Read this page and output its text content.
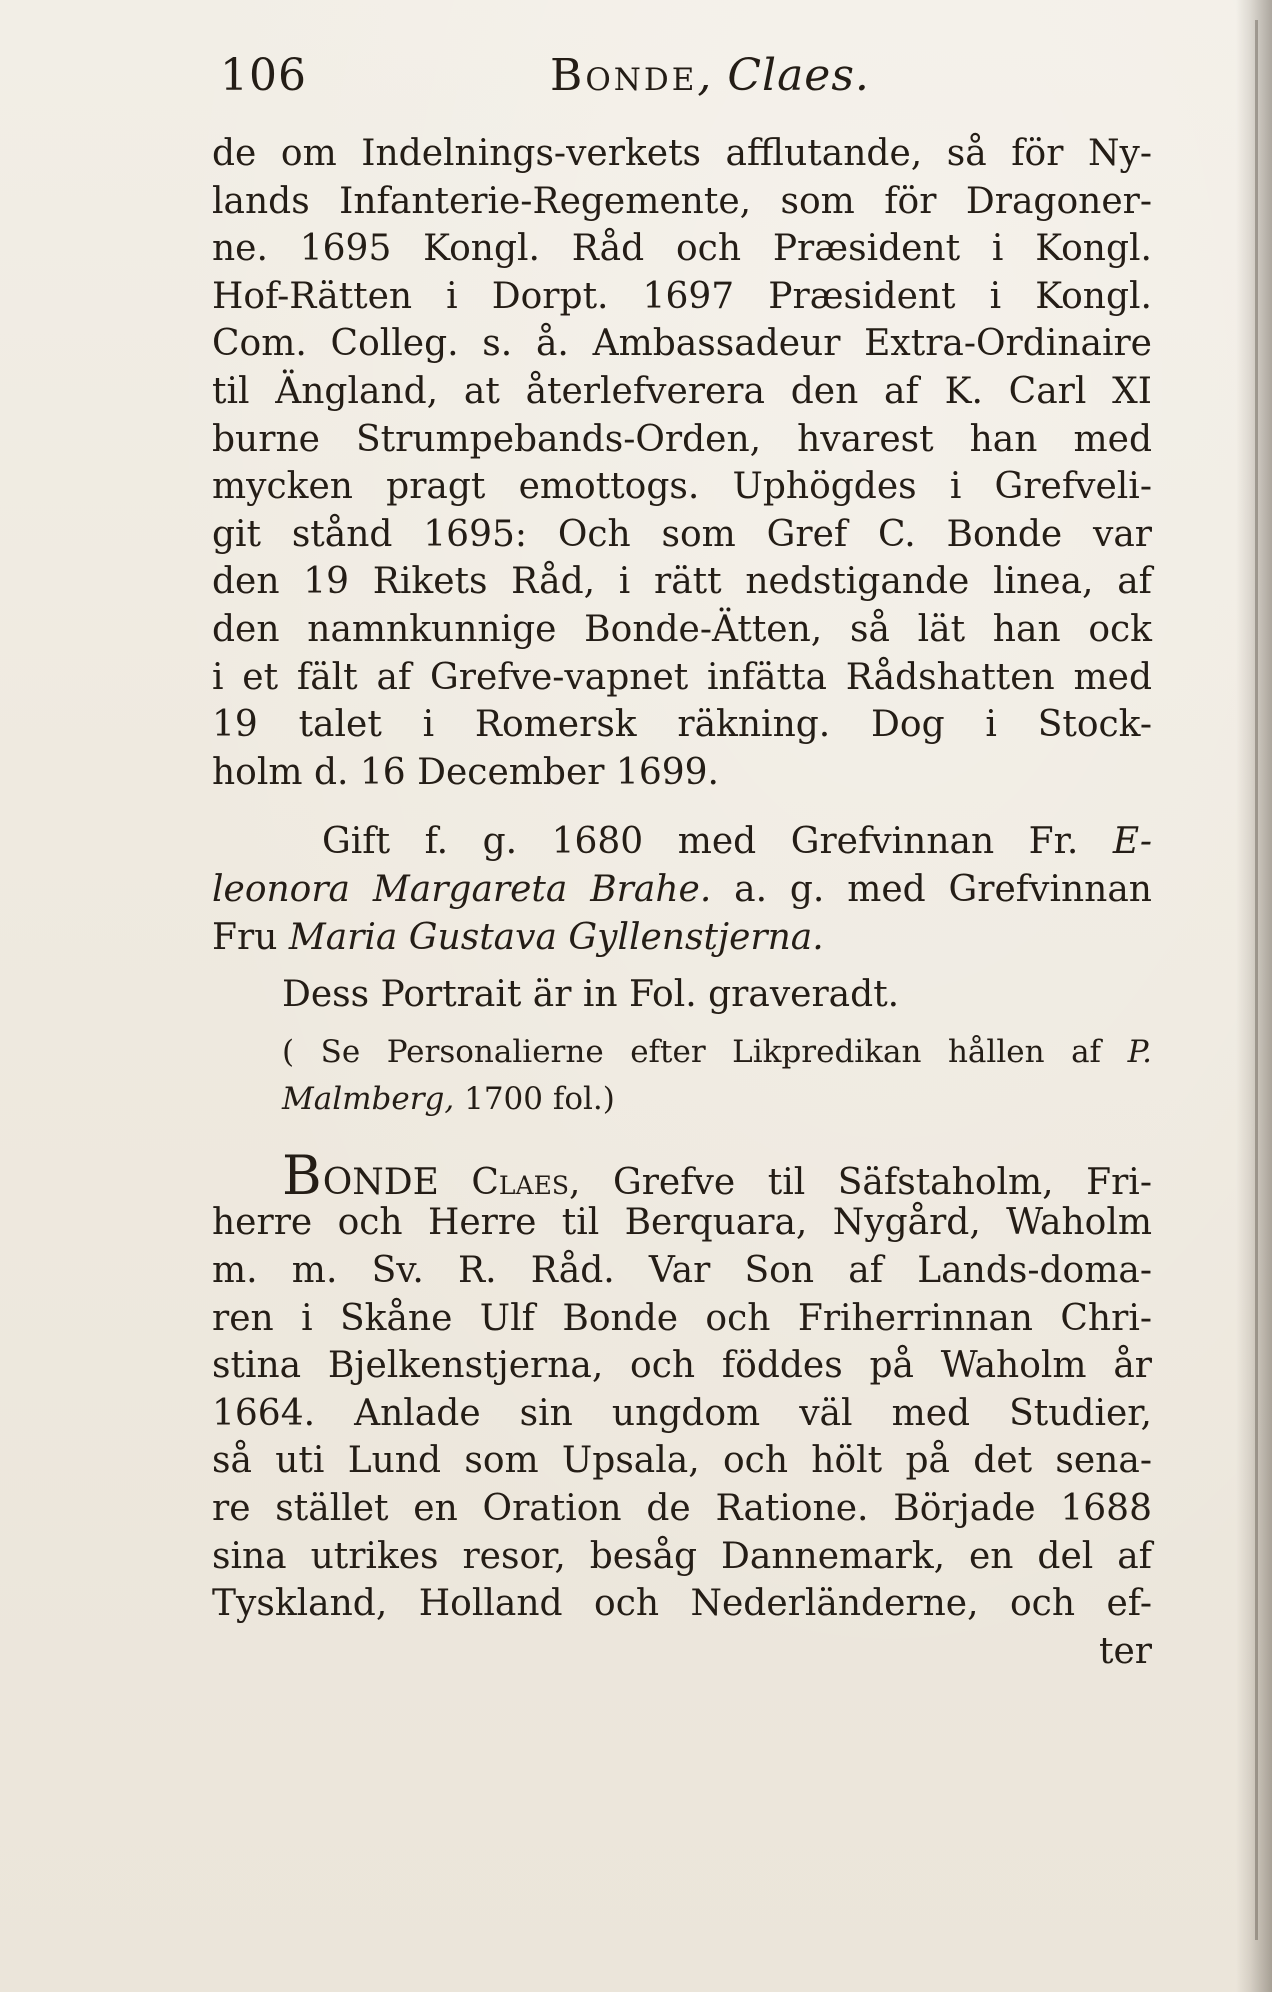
106	Bonde, Claes.
de om Indelnings-verkets afflutande, så för Ny-
lands Infanterie-Regemente, som för Dragoner-
ne. 1695 Kongl. Råd och Præsident i Kongl.
Hof-Rätten i Dorpt. 1697 Præsident i Kongl.
Com. Colleg. s. å. Ambassadeur Extra-Ordinaire
til Ängland, at återlefverera den af K. Carl XI
burne Strumpebands-Orden, hvarest han med
mycken pragt emottogs. Uphögdes i Grefveli-
git stånd 1695: Och som Gref C. Bonde var
den 19 Rikets Råd, i rätt nedstigande linea, af
den namnkunnige Bonde-Ätten, så lät han ock
i et fält af Grefve-vapnet infätta Rådshatten med
19 talet i Romersk räkning. Dog i Stock-
holm d. 16 December 1699.
Gift f. g. 1680 med Grefvinnan Fr. E-
leonora Margareta Brahe. a. g. med Grefvinnan
Fru Maria Gustava Gyllenstjerna.
Dess Portrait är in Fol. graveradt.
( Se Personalierne efter Likpredikan hållen af P.
Malmberg, 1700 fol.)
BONDE Claes, Grefve til Säfstaholm, Fri-
herre och Herre til Berquara, Nygård, Waholm
m. m. Sv. R. Råd. Var Son af Lands-doma-
ren i Skåne Ulf Bonde och Friherrinnan Chri-
stina Bjelkenstjerna, och föddes på Waholm år
1664. Anlade sin ungdom väl med Studier,
så uti Lund som Upsala, och hölt på det sena-
re stället en Oration de Ratione. Började 1688
sina utrikes resor, besåg Dannemark, en del af
Tyskland, Holland och Nederländerne, och ef-
ter
